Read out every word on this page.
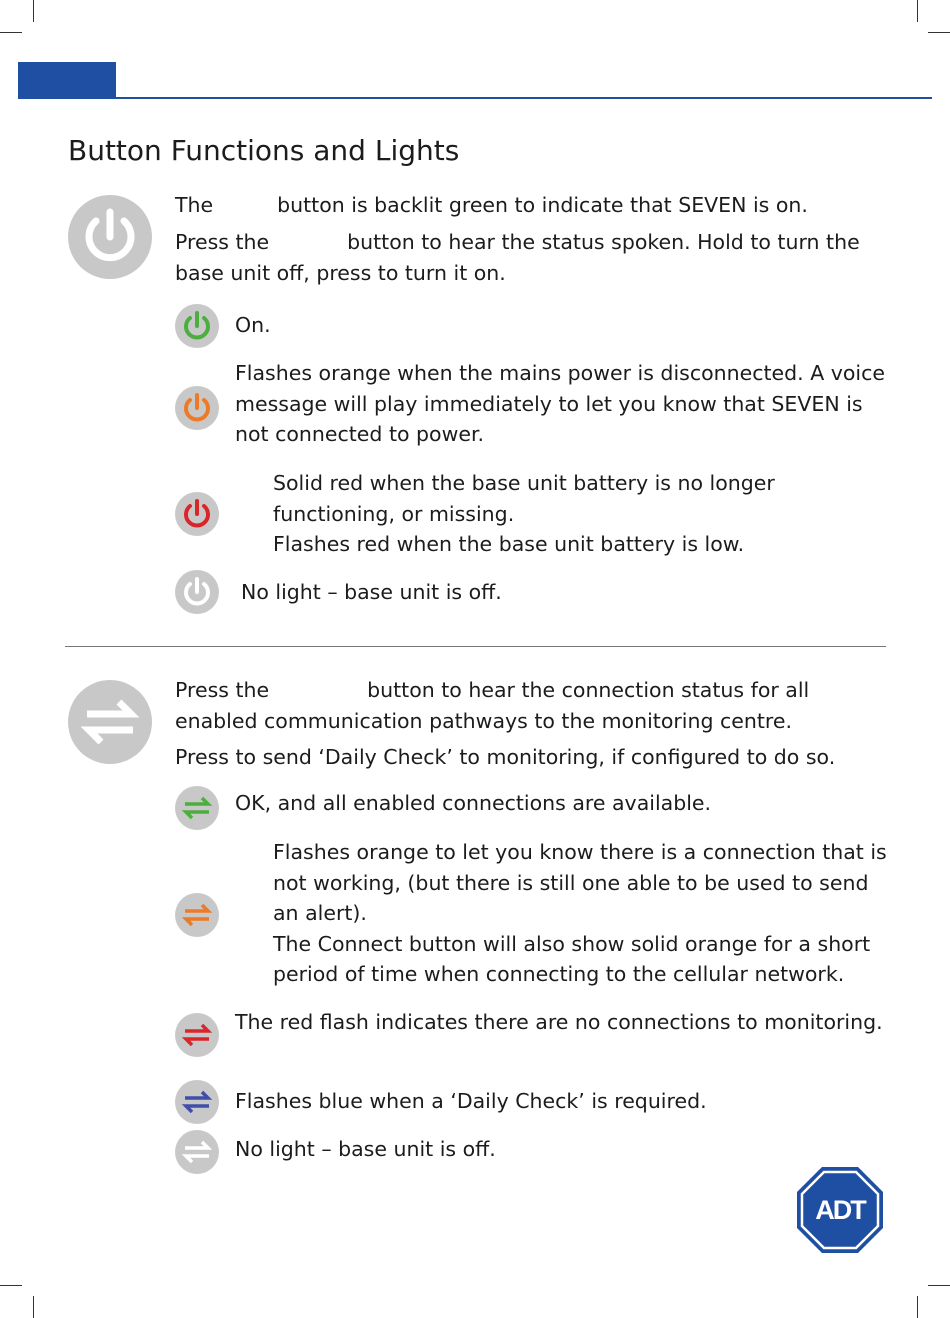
Button Functions and Lights
The	button is backlit green to indicate that SEVEN is on.
Press the	button to hear the status spoken. Hold to turn the
base unit off, press to turn it on.
On.
Flashes orange when the mains power is disconnected. A voice
message will play immediately to let you know that SEVEN is
not connected to power.
Solid red when the base unit battery is no longer
functioning, or missing.
Flashes red when the base unit battery is low.
No light – base unit is off.
Press the	button to hear the connection status for all
enabled communication pathways to the monitoring centre.
Press to send ‘Daily Check’ to monitoring, if configured to do so.
OK, and all enabled connections are available.
Flashes orange to let you know there is a connection that is
not working, (but there is still one able to be used to send
an alert).
The Connect button will also show solid orange for a short
period of time when connecting to the cellular network.
The red flash indicates there are no connections to monitoring.
Flashes blue when a ‘Daily Check’ is required.
No light – base unit is off.
ADT
